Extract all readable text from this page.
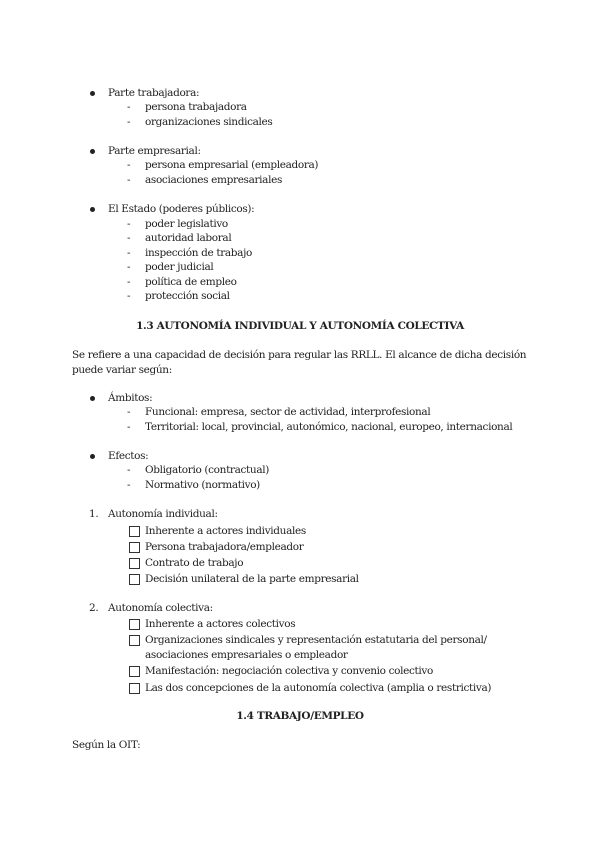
Parte trabajadora:
- persona trabajadora
- organizaciones sindicales
Parte empresarial:
- persona empresarial (empleadora)
- asociaciones empresariales
El Estado (poderes públicos):
- poder legislativo
- autoridad laboral
- inspección de trabajo
- poder judicial
- política de empleo
- protección social
1.3 AUTONOMÍA INDIVIDUAL Y AUTONOMÍA COLECTIVA
Se refiere a una capacidad de decisión para regular las RRLL. El alcance de dicha decisión
puede variar según:
Ámbitos:
- Funcional: empresa, sector de actividad, interprofesional
- Territorial: local, provincial, autonómico, nacional, europeo, internacional
Efectos:
- Obligatorio (contractual)
- Normativo (normativo)
1. Autonomía individual:
Inherente a actores individuales
Persona trabajadora/empleador
Contrato de trabajo
Decisión unilateral de la parte empresarial
2. Autonomía colectiva:
Inherente a actores colectivos
Organizaciones sindicales y representación estatutaria del personal/
asociaciones empresariales o empleador
Manifestación: negociación colectiva y convenio colectivo
Las dos concepciones de la autonomía colectiva (amplia o restrictiva)
1.4 TRABAJO/EMPLEO
Según la OIT:
